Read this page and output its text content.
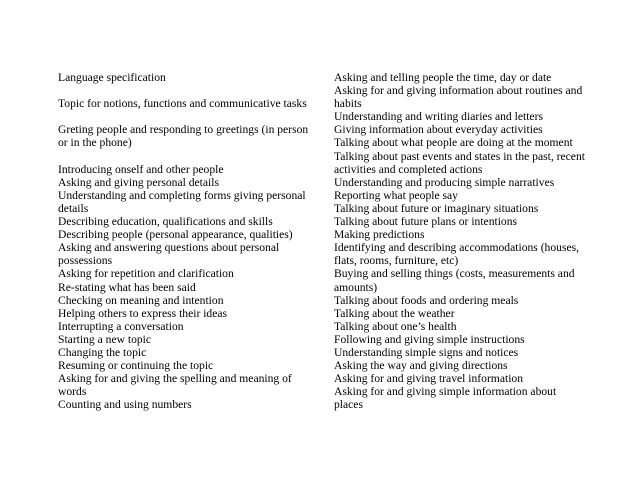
Language specification
Topic for notions, functions and communicative tasks
Greting people and responding to greetings (in person
or in the phone)
Introducing onself and other people
Asking and giving personal details
Understanding and completing forms giving personal
details
Describing education, qualifications and skills
Describing people (personal appearance, qualities)
Asking and answering questions about personal
possessions
Asking for repetition and clarification
Re-stating what has been said
Checking on meaning and intention
Helping others to express their ideas
Interrupting a conversation
Starting a new topic
Changing the topic
Resuming or continuing the topic
Asking for and giving the spelling and meaning of
words
Counting and using numbers
Asking and telling people the time, day or date
Asking for and giving information about routines and
habits
Understanding and writing diaries and letters
Giving information about everyday activities
Talking about what people are doing at the moment
Talking about past events and states in the past, recent
activities and completed actions
Understanding and producing simple narratives
Reporting what people say
Talking about future or imaginary situations
Talking about future plans or intentions
Making predictions
Identifying and describing accommodations (houses,
flats, rooms, furniture, etc)
Buying and selling things (costs, measurements and
amounts)
Talking about foods and ordering meals
Talking about the weather
Talking about one’s health
Following and giving simple instructions
Understanding simple signs and notices
Asking the way and giving directions
Asking for and giving travel information
Asking for and giving simple information about
places
